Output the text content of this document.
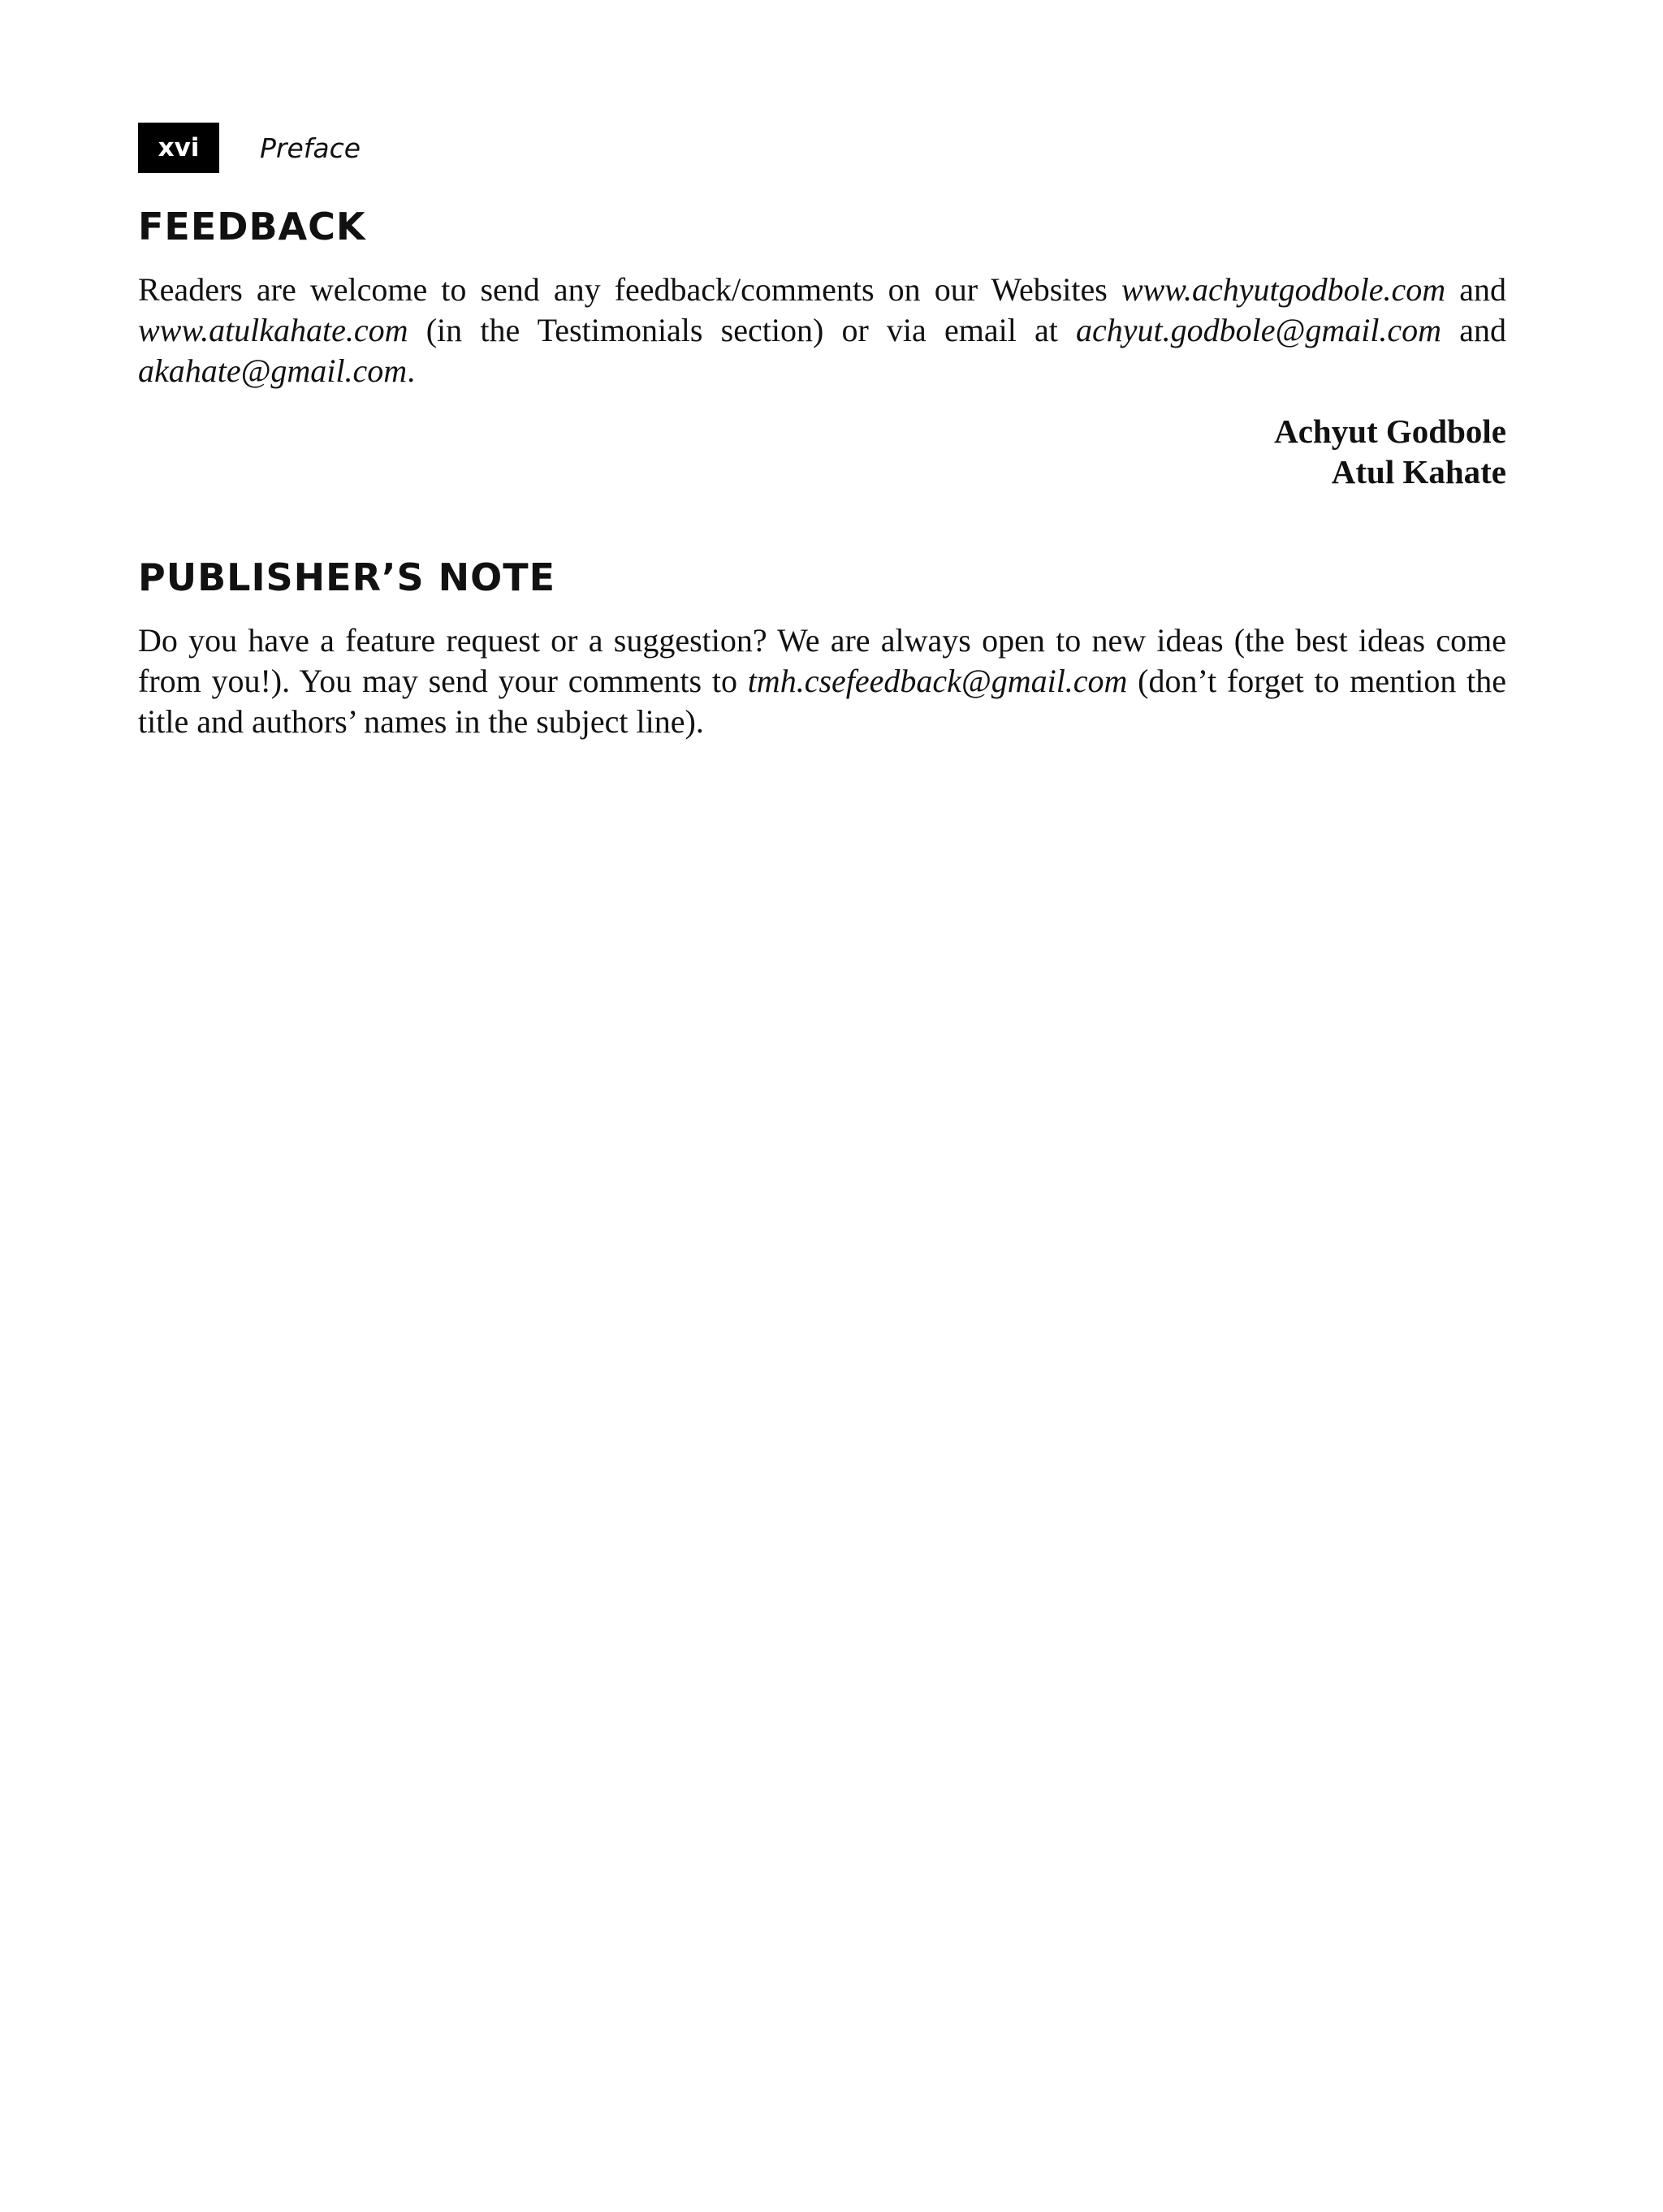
xvi	Preface
FEEDBACK

Readers are welcome to send any feedback/comments on our Websites www.achyutgodbole.com and www.atulkahate.com (in the Testimonials section) or via email at achyut.godbole@gmail.com and akahate@gmail.com.

Achyut Godbole
Atul Kahate
PUBLISHER’S NOTE

Do you have a feature request or a suggestion? We are always open to new ideas (the best ideas come from you!). You may send your comments to tmh.csefeedback@gmail.com (don’t forget to mention the title and authors’ names in the subject line).
